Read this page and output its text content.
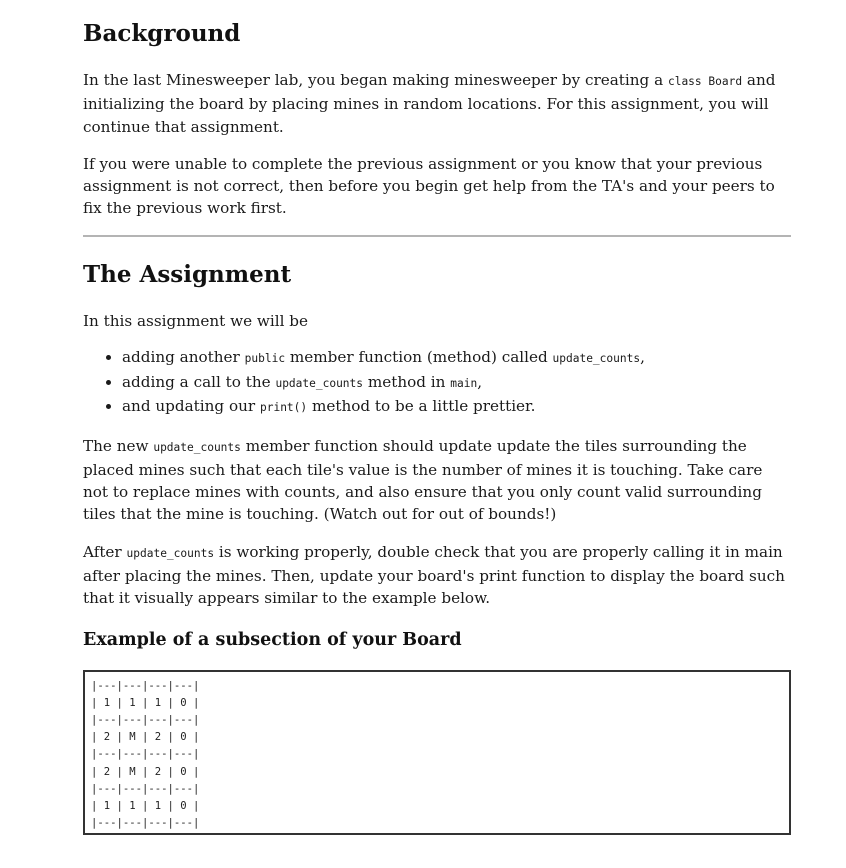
Background

In the last Minesweeper lab, you began making minesweeper by creating a class Board and initializing the board by placing mines in random locations. For this assignment, you will continue that assignment.

If you were unable to complete the previous assignment or you know that your previous assignment is not correct, then before you begin get help from the TA's and your peers to fix the previous work first.

The Assignment

In this assignment we will be

• adding another public member function (method) called update_counts,
• adding a call to the update_counts method in main,
• and updating our print() method to be a little prettier.

The new update_counts member function should update update the tiles surrounding the placed mines such that each tile's value is the number of mines it is touching. Take care not to replace mines with counts, and also ensure that you only count valid surrounding tiles that the mine is touching. (Watch out for out of bounds!)

After update_counts is working properly, double check that you are properly calling it in main after placing the mines. Then, update your board's print function to display the board such that it visually appears similar to the example below.

Example of a subsection of your Board
|---|---|---|---|
| 1 | 1 | 1 | 0 |
|---|---|---|---|
| 2 | M | 2 | 0 |
|---|---|---|---|
| 2 | M | 2 | 0 |
|---|---|---|---|
| 1 | 1 | 1 | 0 |
|---|---|---|---|
